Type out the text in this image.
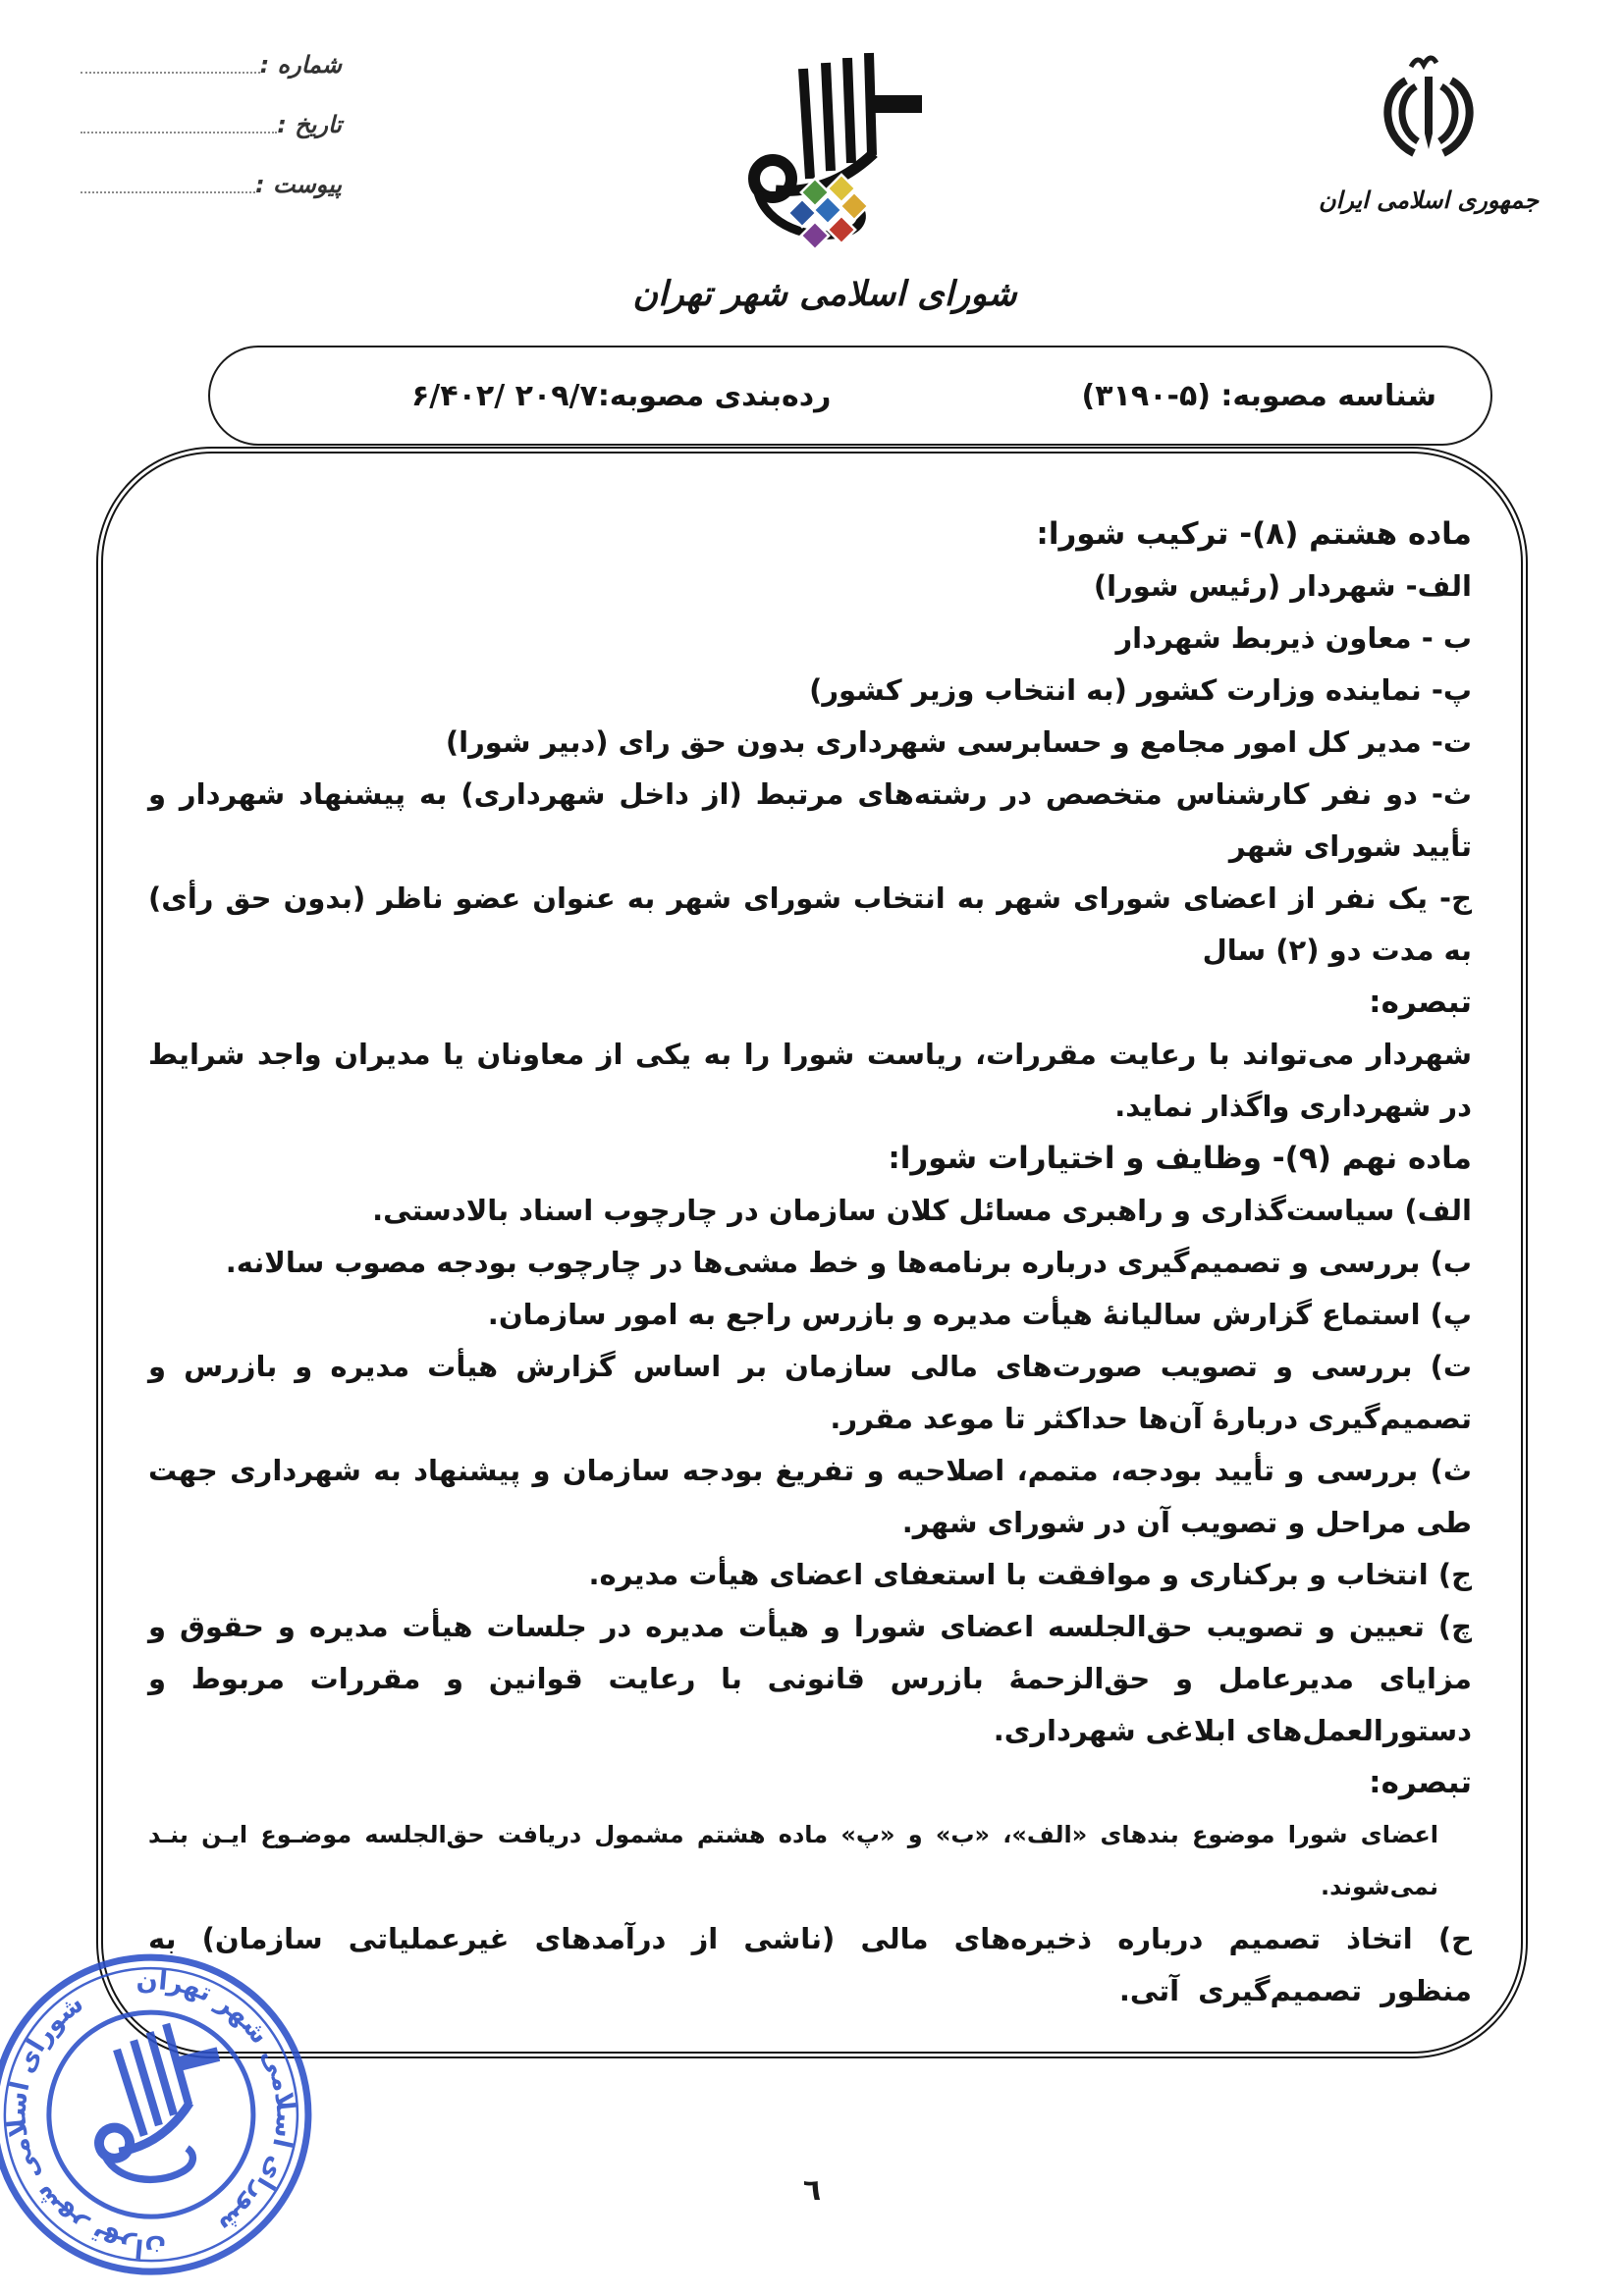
شماره :
تاریخ :
پیوست :
شورای اسلامی شهر تهران
جمهوری اسلامی ایران
شناسه مصوبه: (۵-۳۱۹۰)
رده‌بندی مصوبه:۲۰۹/۷ /۶/۴۰۲
ماده هشتم (۸)- ترکیب شورا:
الف- شهردار (رئیس شورا)
ب - معاون ذیربط شهردار
پ- نماینده وزارت کشور (به انتخاب وزیر کشور)
ت- مدیر کل امور مجامع و حسابرسی شهرداری بدون حق رای (دبیر شورا)
ث- دو نفر کارشناس متخصص در رشته‌های مرتبط (از داخل شهرداری) به پیشنهاد شهردار و تأیید شورای شهر
ج- یک نفر از اعضای شورای شهر به انتخاب شورای شهر به عنوان عضو ناظر (بدون حق رأی) به مدت دو (۲) سال
تبصره:
شهردار می‌تواند با رعایت مقررات، ریاست شورا را به یکی از معاونان یا مدیران واجد شرایط در شهرداری واگذار نماید.
ماده نهم (۹)- وظایف و اختیارات شورا:
الف) سیاست‌گذاری و راهبری مسائل کلان سازمان در چارچوب اسناد بالادستی.
ب) بررسی و تصمیم‌گیری درباره برنامه‌ها و خط مشی‌ها در چارچوب بودجه مصوب سالانه.
پ) استماع گزارش سالیانهٔ هیأت مدیره و بازرس راجع به امور سازمان.
ت) بررسی و تصویب صورت‌های مالی سازمان بر اساس گزارش هیأت مدیره و بازرس و تصمیم‌گیری دربارهٔ آن‌ها حداکثر تا موعد مقرر.
ث) بررسی و تأیید بودجه، متمم، اصلاحیه و تفریغ بودجه سازمان و پیشنهاد به شهرداری جهت طی مراحل و تصویب آن در شورای شهر.
ج) انتخاب و برکناری و موافقت با استعفای اعضای هیأت مدیره.
چ) تعیین و تصویب حق‌الجلسه اعضای شورا و هیأت مدیره در جلسات هیأت مدیره و حقوق و مزایای مدیرعامل و حق‌الزحمهٔ بازرس قانونی با رعایت قوانین و مقررات مربوط و دستورالعمل‌های ابلاغی شهرداری.
تبصره:
اعضای شورا موضوع بندهای «الف»، «ب» و «پ» ماده هشتم مشمول دریافت حق‌الجلسه موضـوع ایـن بنـد نمی‌شوند.
ح) اتخاذ تصمیم درباره ذخیره‌های مالی (ناشی از درآمدهای غیرعملیاتی سازمان) به منظور تصمیم‌گیری آتی.
شورای اسلامی شهر تهران
شورای اسلامی شهر تهران
٦
